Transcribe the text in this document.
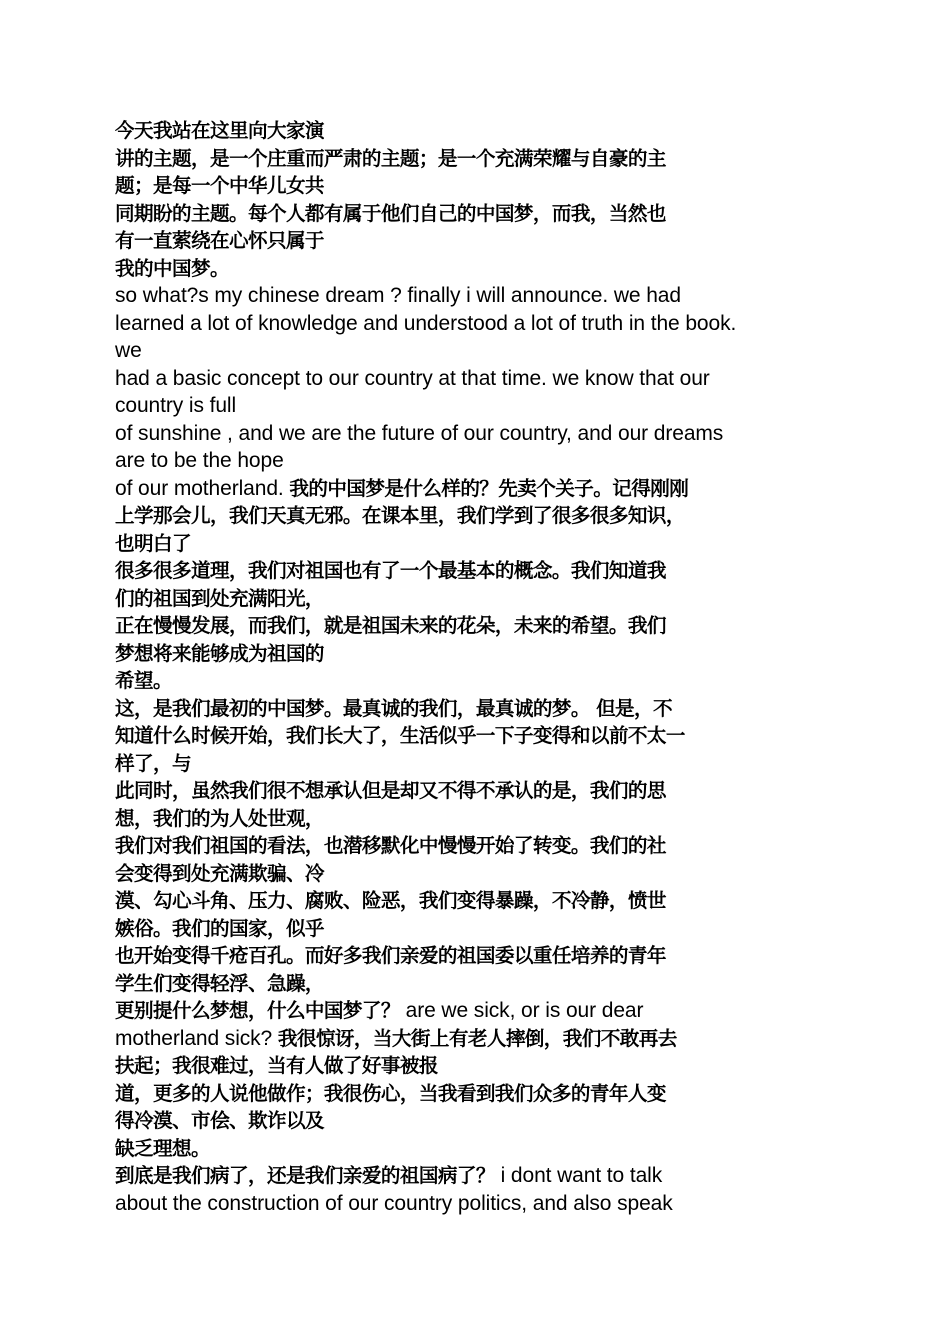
今天我站在这里向大家演
讲的主题，是一个庄重而严肃的主题；是一个充满荣耀与自豪的主
题；是每一个中华儿女共
同期盼的主题。每个人都有属于他们自己的中国梦，而我，当然也
有一直萦绕在心怀只属于
我的中国梦。
so what?s my chinese dream ? finally i will announce. we had
learned a lot of knowledge and understood a lot of truth in the book.
we
had a basic concept to our country at that time. we know that our
country is full
of sunshine , and we are the future of our country, and our dreams
are to be the hope
of our motherland. 我的中国梦是什么样的？先卖个关子。记得刚刚
上学那会儿，我们天真无邪。在课本里，我们学到了很多很多知识，
也明白了
很多很多道理，我们对祖国也有了一个最基本的概念。我们知道我
们的祖国到处充满阳光，
正在慢慢发展，而我们，就是祖国未来的花朵，未来的希望。我们
梦想将来能够成为祖国的
希望。
这，是我们最初的中国梦。最真诚的我们，最真诚的梦。 但是，不
知道什么时候开始，我们长大了，生活似乎一下子变得和以前不太一
样了，与
此同时，虽然我们很不想承认但是却又不得不承认的是，我们的思
想，我们的为人处世观，
我们对我们祖国的看法，也潜移默化中慢慢开始了转变。我们的社
会变得到处充满欺骗、冷
漠、勾心斗角、压力、腐败、险恶，我们变得暴躁，不冷静，愤世
嫉俗。我们的国家，似乎
也开始变得千疮百孔。而好多我们亲爱的祖国委以重任培养的青年
学生们变得轻浮、急躁，
更别提什么梦想，什么中国梦了？ are we sick, or is our dear
motherland sick? 我很惊讶，当大街上有老人摔倒，我们不敢再去
扶起；我很难过，当有人做了好事被报
道，更多的人说他做作；我很伤心，当我看到我们众多的青年人变
得冷漠、市侩、欺诈以及
缺乏理想。
到底是我们病了，还是我们亲爱的祖国病了？ i dont want to talk
about the construction of our country politics, and also speak
